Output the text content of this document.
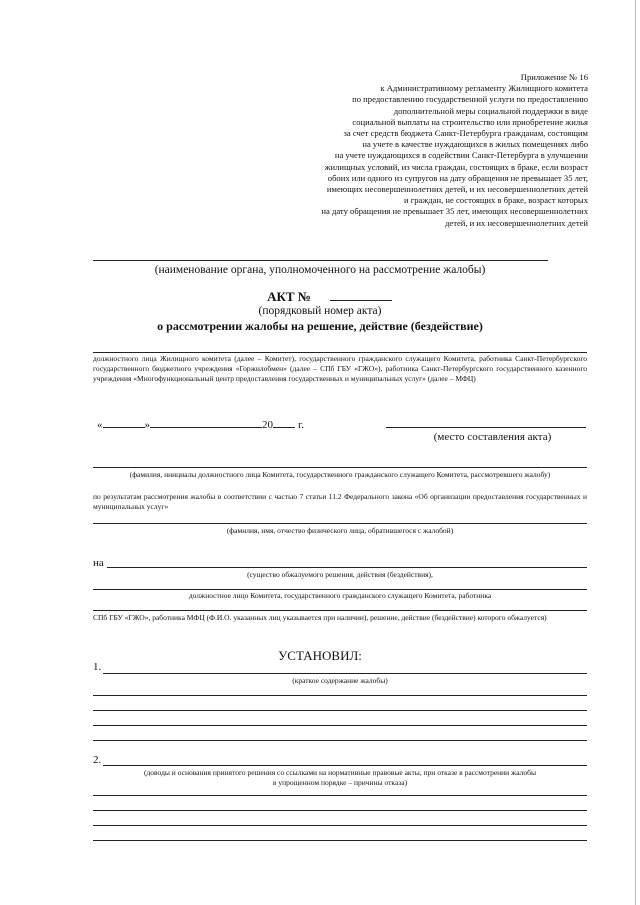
Приложение № 16
к Административному регламенту Жилищного комитета
по предоставлению государственной услуги по предоставлению
дополнительной меры социальной поддержки в виде
социальной выплаты на строительство или приобретение жилья
за счет средств бюджета Санкт-Петербурга гражданам, состоящим
на учете в качестве нуждающихся в жилых помещениях либо
на учете нуждающихся в содействии Санкт-Петербурга в улучшении
жилищных условий, из числа граждан, состоящих в браке, если возраст
обоих или одного из супругов на дату обращения не превышает 35 лет,
имеющих несовершеннолетних детей, и их несовершеннолетних детей
и граждан, не состоящих в браке, возраст которых
на дату обращения не превышает 35 лет, имеющих несовершеннолетних
детей, и их несовершеннолетних детей
(наименование органа, уполномоченного на рассмотрение жалобы)
АКТ №
(порядковый номер акта)
о рассмотрении жалобы на решение, действие (бездействие)
должностного лица Жилищного комитета (далее – Комитет), государственного гражданского служащего Комитета, работника Санкт-Петербургского государственного бюджетного учреждения «Горжилобмен» (далее – СПб ГБУ «ГЖО»), работника Санкт-Петербургского государственного казенного учреждения «Многофункциональный центр предоставления государственных и муниципальных услуг» (далее – МФЦ)
«	»	20 г.
(место составления акта)
(фамилия, инициалы должностного лица Комитета, государственного гражданского служащего Комитета, рассмотревшего жалобу)
по результатам рассмотрения жалобы в соответствии с частью 7 статьи 11.2 Федерального закона «Об организации предоставления государственных и муниципальных услуг»
(фамилия, имя, отчество физического лица, обратившегося с жалобой)
на
(существо обжалуемого решения, действия (бездействия),
должностное лицо Комитета, государственного гражданского служащего Комитета, работника
СПб ГБУ «ГЖО», работника МФЦ (Ф.И.О. указанных лиц указывается при наличии), решение, действие (бездействие) которого обжалуется)
УСТАНОВИЛ:
1.
(краткое содержание жалобы)
2.
(доводы и основания принятого решения со ссылками на нормативные правовые акты, при отказе в рассмотрении жалобы
в упрощенном порядке – причины отказа)
